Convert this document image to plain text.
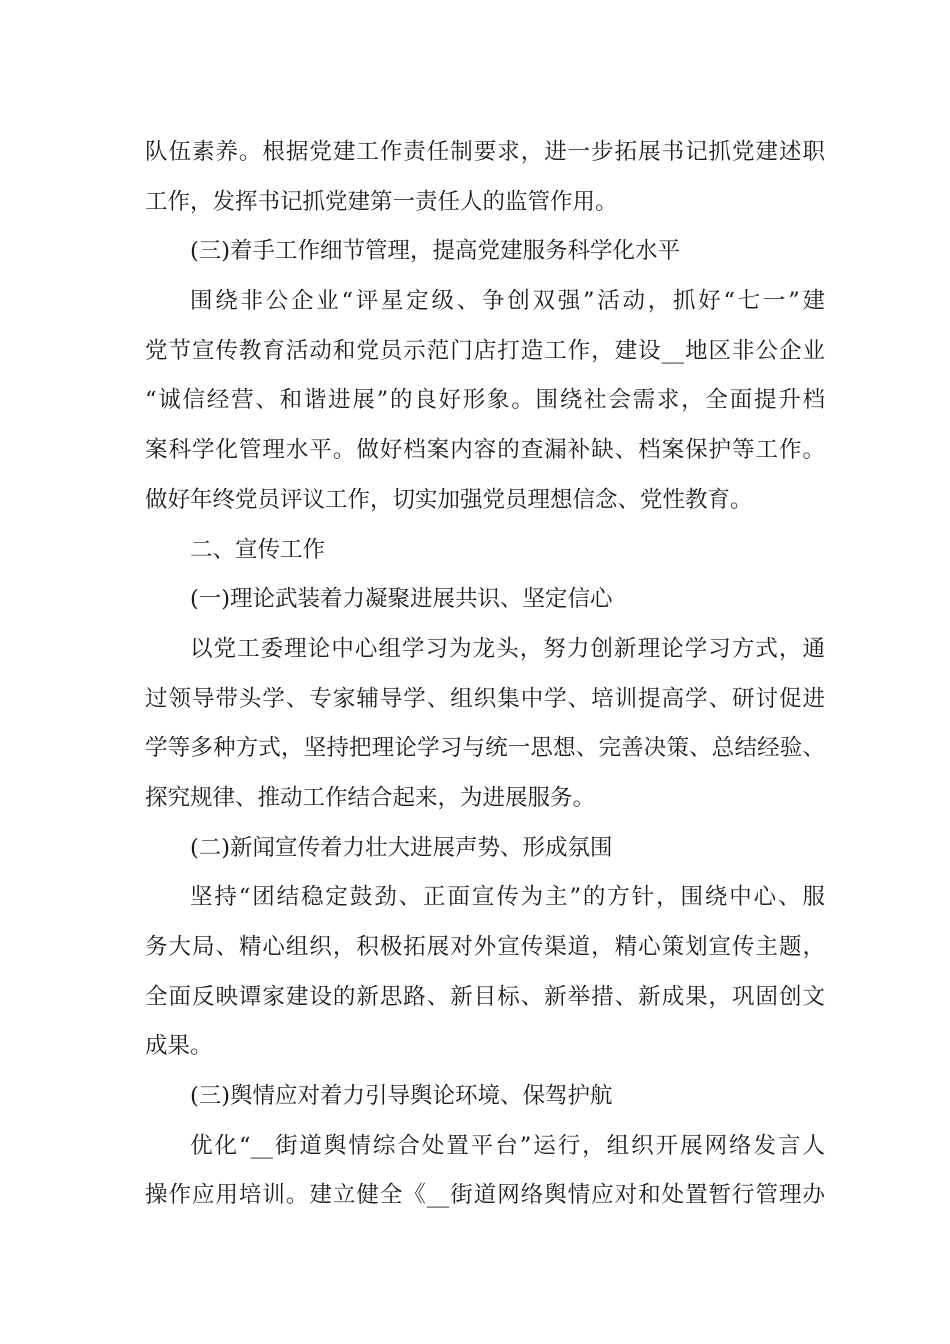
队伍素养。根据党建工作责任制要求，进一步拓展书记抓党建述职
工作，发挥书记抓党建第一责任人的监管作用。
(三)着手工作细节管理，提高党建服务科学化水平
围绕非公企业“评星定级、争创双强”活动，抓好“七一”建
党节宣传教育活动和党员示范门店打造工作，建设__地区非公企业
“诚信经营、和谐进展”的良好形象。围绕社会需求，全面提升档
案科学化管理水平。做好档案内容的查漏补缺、档案保护等工作。
做好年终党员评议工作，切实加强党员理想信念、党性教育。
二、宣传工作
(一)理论武装着力凝聚进展共识、坚定信心
以党工委理论中心组学习为龙头，努力创新理论学习方式，通
过领导带头学、专家辅导学、组织集中学、培训提高学、研讨促进
学等多种方式，坚持把理论学习与统一思想、完善决策、总结经验、
探究规律、推动工作结合起来，为进展服务。
(二)新闻宣传着力壮大进展声势、形成氛围
坚持“团结稳定鼓劲、正面宣传为主”的方针，围绕中心、服
务大局、精心组织，积极拓展对外宣传渠道，精心策划宣传主题，
全面反映谭家建设的新思路、新目标、新举措、新成果，巩固创文
成果。
(三)舆情应对着力引导舆论环境、保驾护航
优化“__街道舆情综合处置平台”运行，组织开展网络发言人
操作应用培训。建立健全《__街道网络舆情应对和处置暂行管理办
